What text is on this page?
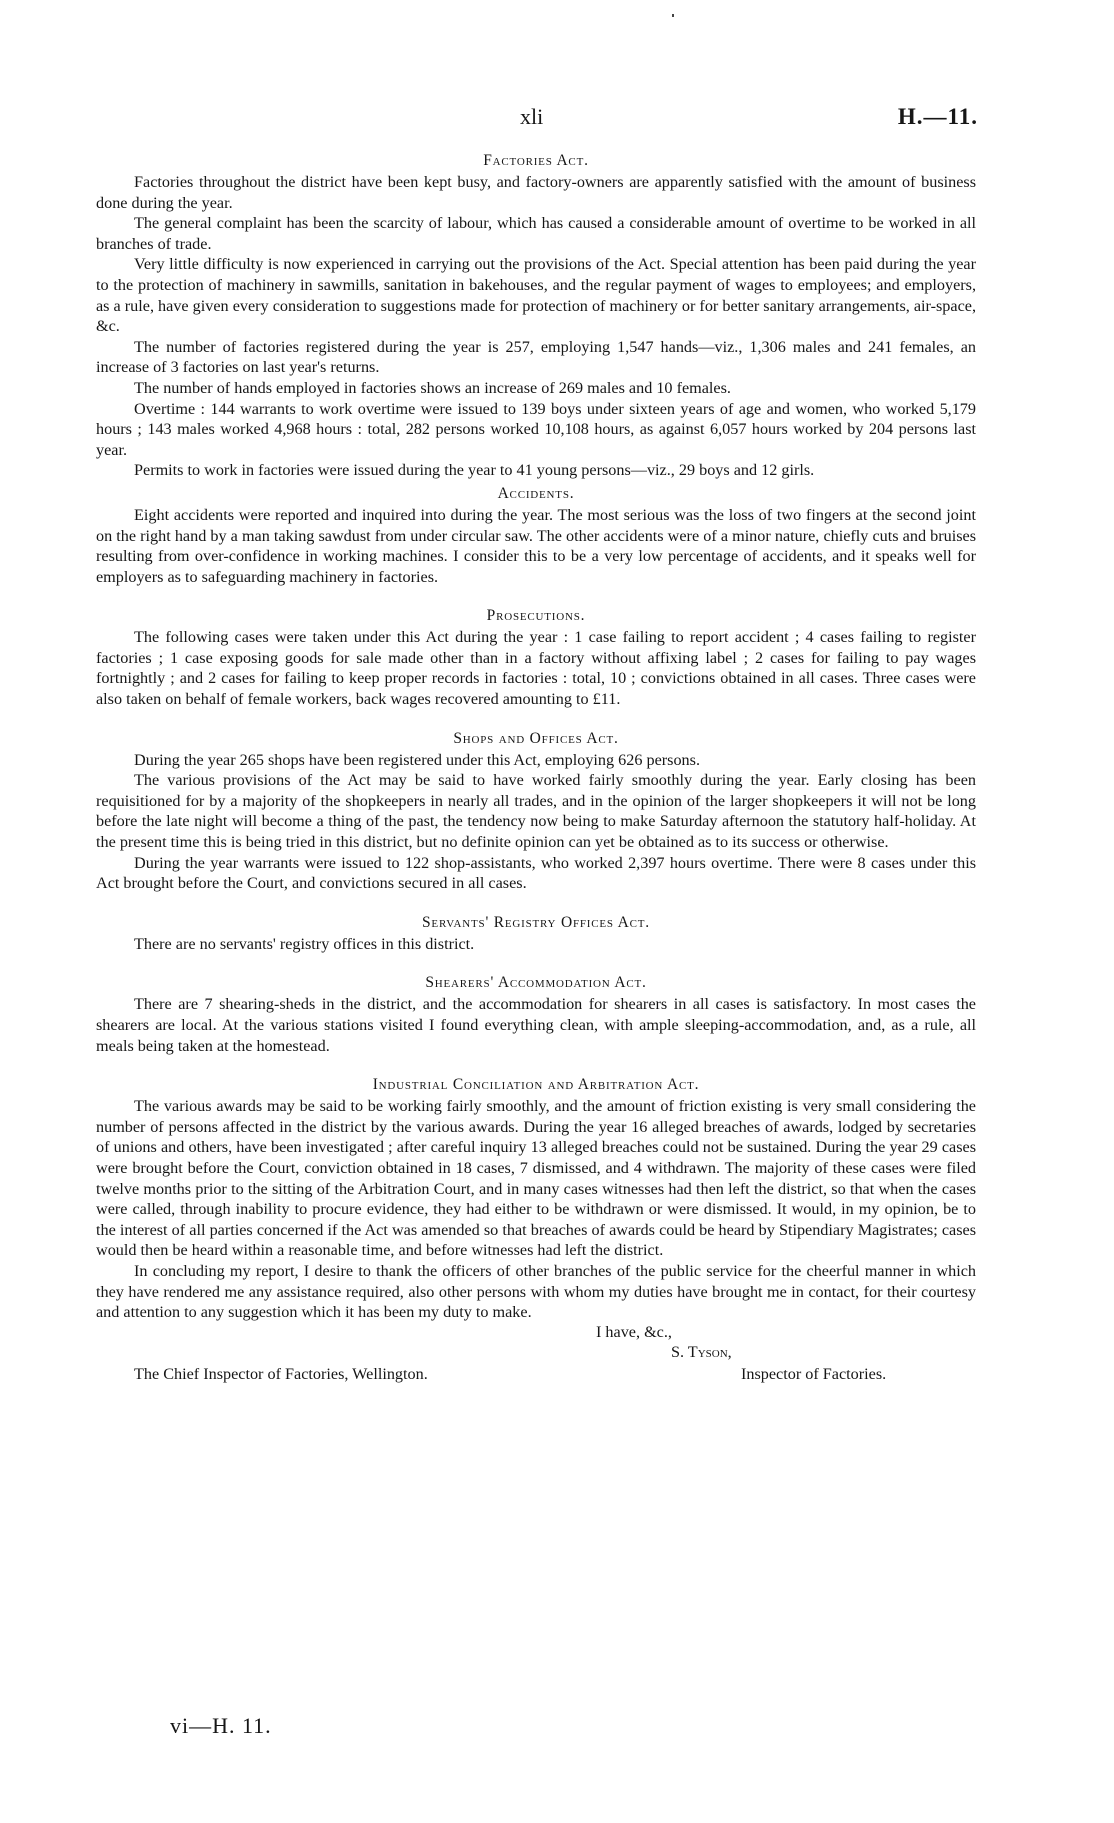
xli	H.—11.
Factories Act.

Factories throughout the district have been kept busy, and factory-owners are apparently satisfied with the amount of business done during the year.

The general complaint has been the scarcity of labour, which has caused a considerable amount of overtime to be worked in all branches of trade.

Very little difficulty is now experienced in carrying out the provisions of the Act. Special attention has been paid during the year to the protection of machinery in sawmills, sanitation in bakehouses, and the regular payment of wages to employees; and employers, as a rule, have given every consideration to suggestions made for protection of machinery or for better sanitary arrangements, air-space, &c.

The number of factories registered during the year is 257, employing 1,547 hands—viz., 1,306 males and 241 females, an increase of 3 factories on last year's returns.

The number of hands employed in factories shows an increase of 269 males and 10 females.

Overtime : 144 warrants to work overtime were issued to 139 boys under sixteen years of age and women, who worked 5,179 hours ; 143 males worked 4,968 hours : total, 282 persons worked 10,108 hours, as against 6,057 hours worked by 204 persons last year.

Permits to work in factories were issued during the year to 41 young persons—viz., 29 boys and 12 girls.

Accidents.

Eight accidents were reported and inquired into during the year. The most serious was the loss of two fingers at the second joint on the right hand by a man taking sawdust from under circular saw. The other accidents were of a minor nature, chiefly cuts and bruises resulting from over-confidence in working machines. I consider this to be a very low percentage of accidents, and it speaks well for employers as to safeguarding machinery in factories.

Prosecutions.

The following cases were taken under this Act during the year : 1 case failing to report accident ; 4 cases failing to register factories ; 1 case exposing goods for sale made other than in a factory without affixing label ; 2 cases for failing to pay wages fortnightly ; and 2 cases for failing to keep proper records in factories : total, 10 ; convictions obtained in all cases. Three cases were also taken on behalf of female workers, back wages recovered amounting to £11.

Shops and Offices Act.

During the year 265 shops have been registered under this Act, employing 626 persons.

The various provisions of the Act may be said to have worked fairly smoothly during the year. Early closing has been requisitioned for by a majority of the shopkeepers in nearly all trades, and in the opinion of the larger shopkeepers it will not be long before the late night will become a thing of the past, the tendency now being to make Saturday afternoon the statutory half-holiday. At the present time this is being tried in this district, but no definite opinion can yet be obtained as to its success or otherwise.

During the year warrants were issued to 122 shop-assistants, who worked 2,397 hours overtime. There were 8 cases under this Act brought before the Court, and convictions secured in all cases.

Servants' Registry Offices Act.

There are no servants' registry offices in this district.

Shearers' Accommodation Act.

There are 7 shearing-sheds in the district, and the accommodation for shearers in all cases is satisfactory. In most cases the shearers are local. At the various stations visited I found everything clean, with ample sleeping-accommodation, and, as a rule, all meals being taken at the homestead.

Industrial Conciliation and Arbitration Act.

The various awards may be said to be working fairly smoothly, and the amount of friction existing is very small considering the number of persons affected in the district by the various awards. During the year 16 alleged breaches of awards, lodged by secretaries of unions and others, have been investigated ; after careful inquiry 13 alleged breaches could not be sustained. During the year 29 cases were brought before the Court, conviction obtained in 18 cases, 7 dismissed, and 4 withdrawn. The majority of these cases were filed twelve months prior to the sitting of the Arbitration Court, and in many cases witnesses had then left the district, so that when the cases were called, through inability to procure evidence, they had either to be withdrawn or were dismissed. It would, in my opinion, be to the interest of all parties concerned if the Act was amended so that breaches of awards could be heard by Stipendiary Magistrates; cases would then be heard within a reasonable time, and before witnesses had left the district.

In concluding my report, I desire to thank the officers of other branches of the public service for the cheerful manner in which they have rendered me any assistance required, also other persons with whom my duties have brought me in contact, for their courtesy and attention to any suggestion which it has been my duty to make.

I have, &c.,
S. Tyson,
The Chief Inspector of Factories, Wellington.	Inspector of Factories.
vi—H. 11.
